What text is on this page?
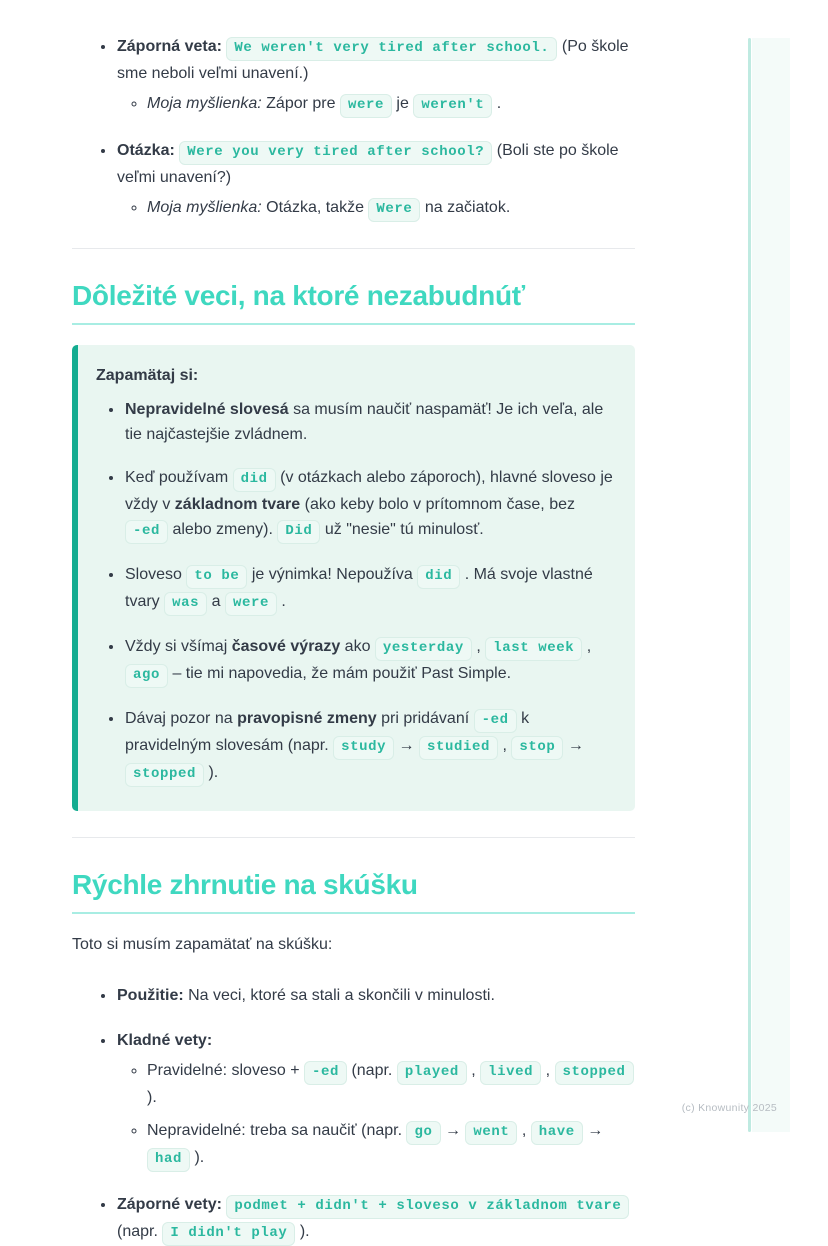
• Záporná veta: We weren't very tired after school. (Po škole sme neboli veľmi unavení.)
◦ Moja myšlienka: Zápor pre were je weren't .
• Otázka: Were you very tired after school? (Boli ste po škole veľmi unavení?)
◦ Moja myšlienka: Otázka, takže Were na začiatok.
Dôležité veci, na ktoré nezabudnúť

Zapamätaj si:

• Nepravidelné slovesá sa musím naučiť naspamäť! Je ich veľa, ale tie najčastejšie zvládnem.
• Keď používam did (v otázkach alebo záporoch), hlavné sloveso je vždy v základnom tvare (ako keby bolo v prítomnom čase, bez -ed alebo zmeny). Did už "nesie" tú minulosť.
• Sloveso to be je výnimka! Nepoužíva did . Má svoje vlastné tvary was a were .
• Vždy si všímaj časové výrazy ako yesterday , last week , ago – tie mi napovedia, že mám použiť Past Simple.
• Dávaj pozor na pravopisné zmeny pri pridávaní -ed k pravidelným slovesám (napr. study → studied , stop → stopped ).
Rýchle zhrnutie na skúšku

Toto si musím zapamätať na skúšku:

• Použitie: Na veci, ktoré sa stali a skončili v minulosti.
• Kladné vety:
◦ Pravidelné: sloveso + -ed (napr. played , lived , stopped ).
◦ Nepravidelné: treba sa naučiť (napr. go → went , have → had ).
• Záporné vety: podmet + didn't + sloveso v základnom tvare (napr. I didn't play ).
(c) Knowunity 2025
